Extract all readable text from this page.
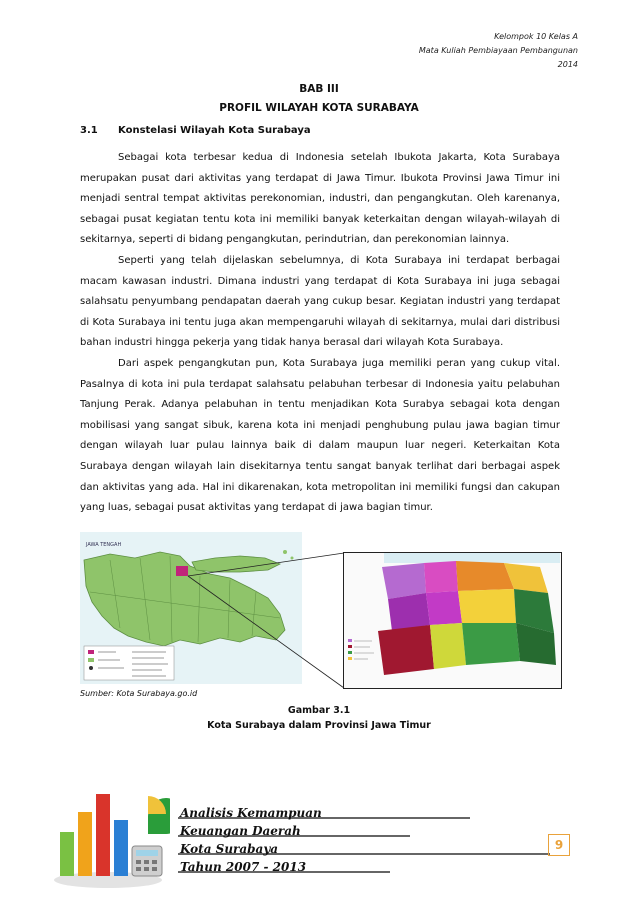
Kelompok 10 Kelas A
Mata Kuliah Pembiayaan Pembangunan
2014
BAB III
PROFIL WILAYAH KOTA SURABAYA
3.1 Konstelasi Wilayah Kota Surabaya

Sebagai kota terbesar kedua di Indonesia setelah Ibukota Jakarta, Kota Surabaya merupakan pusat dari aktivitas yang terdapat di Jawa Timur. Ibukota Provinsi Jawa Timur ini menjadi sentral tempat aktivitas perekonomian, industri, dan pengangkutan. Oleh karenanya, sebagai pusat kegiatan tentu kota ini memiliki banyak keterkaitan dengan wilayah-wilayah di sekitarnya, seperti di bidang pengangkutan, perindutrian, dan perekonomian lainnya.

Seperti yang telah dijelaskan sebelumnya, di Kota Surabaya ini terdapat berbagai macam kawasan industri. Dimana industri yang terdapat di Kota Surabaya ini juga sebagai salahsatu penyumbang pendapatan daerah yang cukup besar. Kegiatan industri yang terdapat di Kota Surabaya ini tentu juga akan mempengaruhi wilayah di sekitarnya, mulai dari distribusi bahan industri hingga pekerja yang tidak hanya berasal dari wilayah Kota Surabaya.

Dari aspek pengangkutan pun, Kota Surabaya juga memiliki peran yang cukup vital. Pasalnya di kota ini pula terdapat salahsatu pelabuhan terbesar di Indonesia yaitu pelabuhan Tanjung Perak. Adanya pelabuhan in tentu menjadikan Kota Surabya sebagai kota dengan mobilisasi yang sangat sibuk, karena kota ini menjadi penghubung pulau jawa bagian timur dengan wilayah luar pulau lainnya baik di dalam maupun luar negeri. Keterkaitan Kota Surabaya dengan wilayah lain disekitarnya tentu sangat banyak terlihat dari berbagai aspek dan aktivitas yang ada. Hal ini dikarenakan, kota metropolitan ini memiliki fungsi dan cakupan yang luas, sebagai pusat aktivitas yang terdapat di jawa bagian timur.

JAWA TENGAH
Sumber: Kota Surabaya.go.id
Gambar 3.1
Kota Surabaya dalam Provinsi Jawa Timur
Analisis Kemampuan
Keuangan Daerah
Kota Surabaya
Tahun 2007 - 2013
9
